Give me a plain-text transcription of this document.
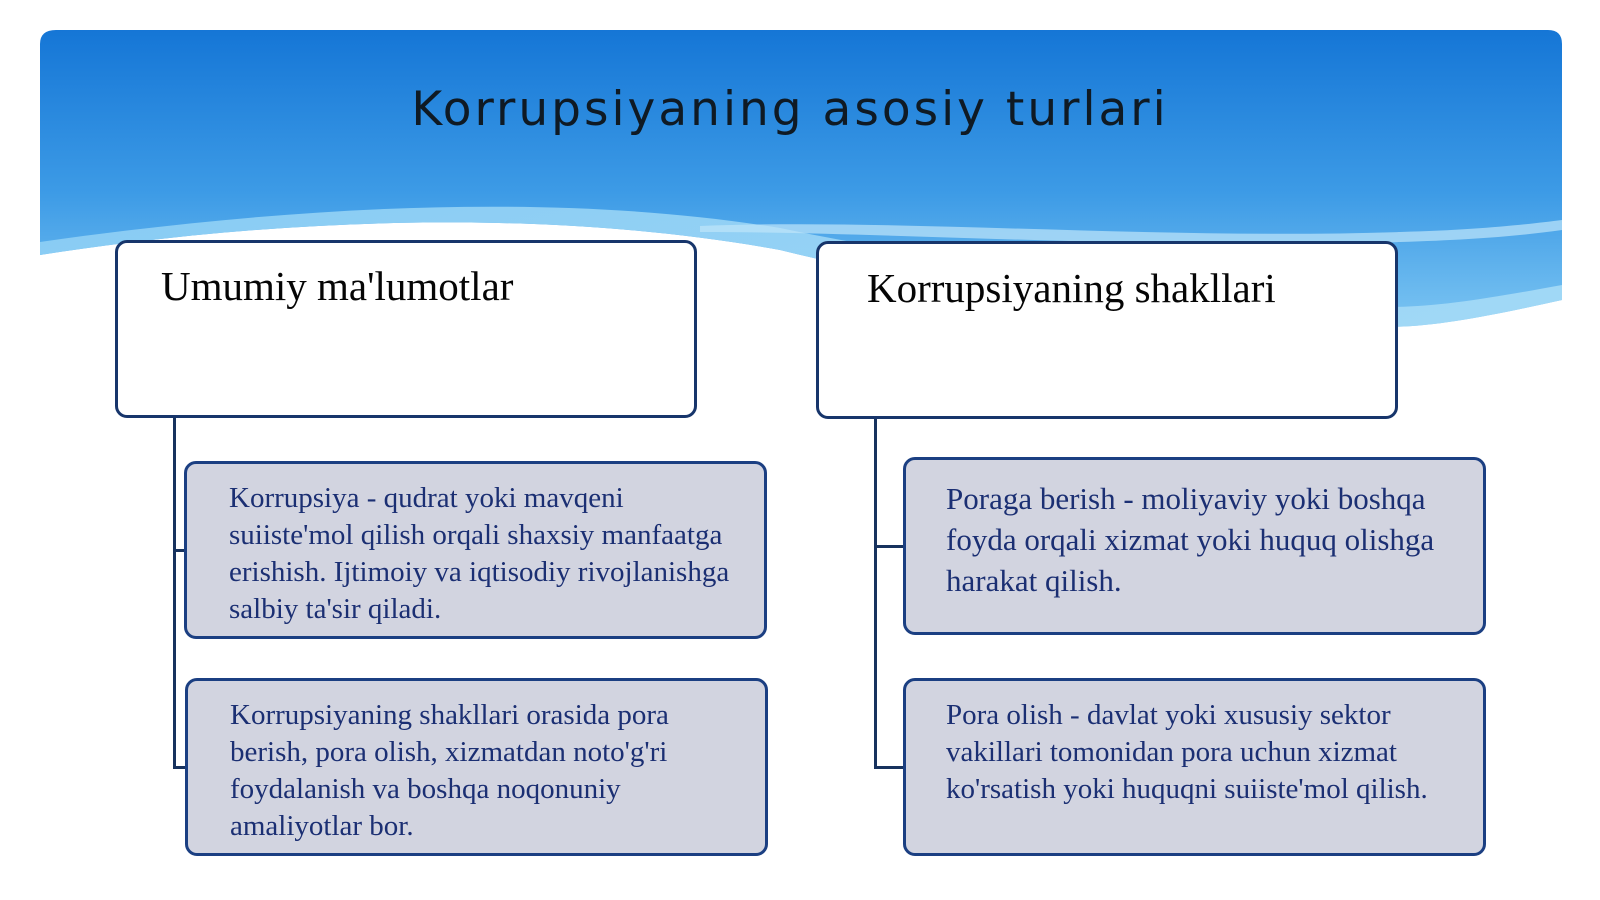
Korrupsiyaning asosiy turlari
Umumiy ma'lumotlar	Korrupsiyaning shakllari
Korrupsiya - qudrat yoki mavqeni suiiste'mol qilish orqali shaxsiy manfaatga erishish. Ijtimoiy va iqtisodiy rivojlanishga salbiy ta'sir qiladi.
Korrupsiyaning shakllari orasida pora berish, pora olish, xizmatdan noto'g'ri foydalanish va boshqa noqonuniy amaliyotlar bor.
Poraga berish - moliyaviy yoki boshqa foyda orqali xizmat yoki huquq olishga harakat qilish.
Pora olish - davlat yoki xususiy sektor vakillari tomonidan pora uchun xizmat ko'rsatish yoki huquqni suiiste'mol qilish.
